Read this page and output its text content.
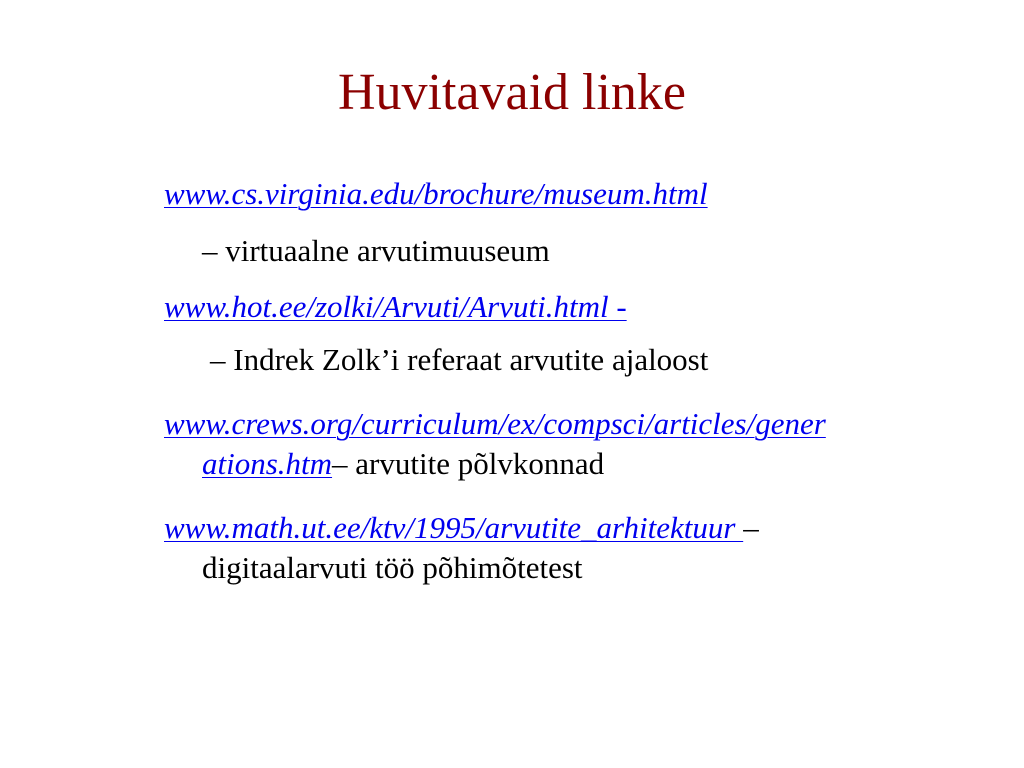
Huvitavaid linke
www.cs.virginia.edu/brochure/museum.html
– virtuaalne arvutimuuseum
www.hot.ee/zolki/Arvuti/Arvuti.html -
– Indrek Zolk’i referaat arvutite ajaloost
www.crews.org/curriculum/ex/compsci/articles/gener
ations.htm– arvutite põlvkonnad
www.math.ut.ee/ktv/1995/arvutite_arhitektuur –
digitaalarvuti töö põhimõtetest
